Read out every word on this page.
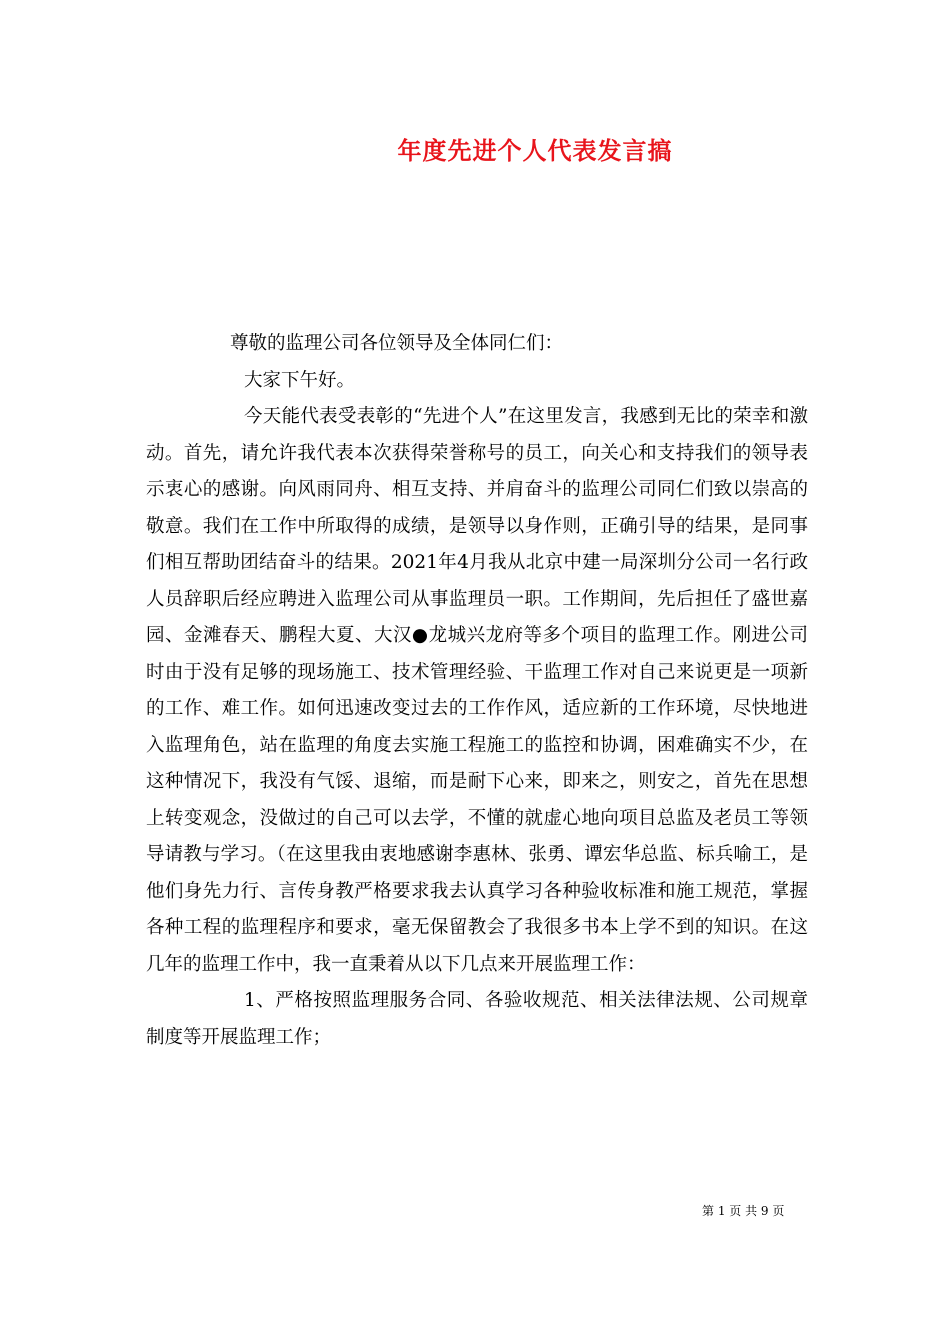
年度先进个人代表发言搞

尊敬的监理公司各位领导及全体同仁们：

大家下午好。

今天能代表受表彰的“先进个人”在这里发言，我感到无比的荣幸和激动。首先，请允许我代表本次获得荣誉称号的员工，向关心和支持我们的领导表示衷心的感谢。向风雨同舟、相互支持、并肩奋斗的监理公司同仁们致以崇高的敬意。我们在工作中所取得的成绩，是领导以身作则，正确引导的结果，是同事们相互帮助团结奋斗的结果。2021年4月我从北京中建一局深圳分公司一名行政人员辞职后经应聘进入监理公司从事监理员一职。工作期间，先后担任了盛世嘉园、金滩春天、鹏程大夏、大汉●龙城兴龙府等多个项目的监理工作。刚进公司时由于没有足够的现场施工、技术管理经验、干监理工作对自己来说更是一项新的工作、难工作。如何迅速改变过去的工作作风，适应新的工作环境，尽快地进入监理角色，站在监理的角度去实施工程施工的监控和协调，困难确实不少，在这种情况下，我没有气馁、退缩，而是耐下心来，即来之，则安之，首先在思想上转变观念，没做过的自己可以去学，不懂的就虚心地向项目总监及老员工等领导请教与学习。（在这里我由衷地感谢李惠林、张勇、谭宏华总监、标兵喻工，是他们身先力行、言传身教严格要求我去认真学习各种验收标准和施工规范，掌握各种工程的监理程序和要求，毫无保留教会了我很多书本上学不到的知识。在这几年的监理工作中，我一直秉着从以下几点来开展监理工作：

1、严格按照监理服务合同、各验收规范、相关法律法规、公司规章制度等开展监理工作；

第 1 页 共 9 页
